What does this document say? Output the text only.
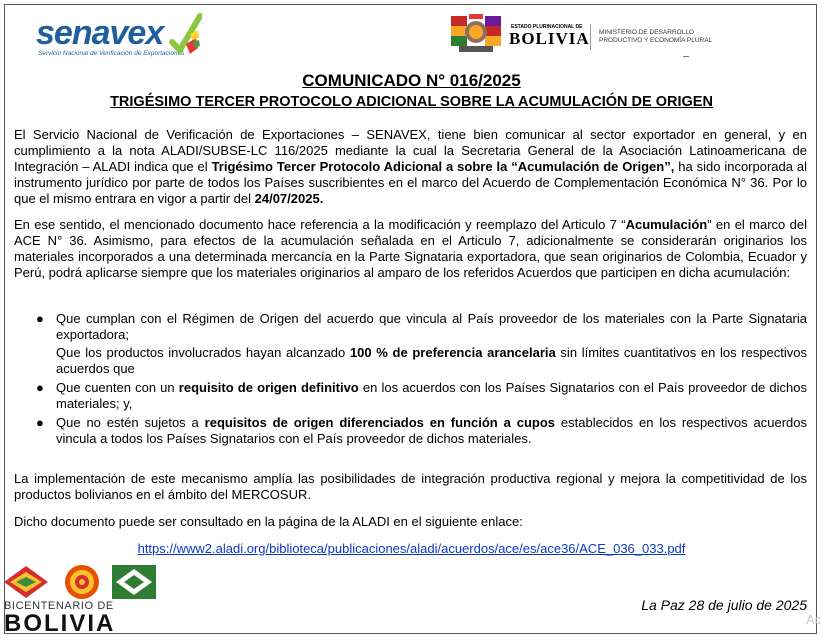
senavex
Servicio Nacional de Verificación de Exportaciones
ESTADO PLURINACIONAL DE
BOLIVIA MINISTERIO DE DESARROLLO
PRODUCTIVO Y ECONOMÍA PLURAL
COMUNICADO N° 016/2025
TRIGÉSIMO TERCER PROTOCOLO ADICIONAL SOBRE LA ACUMULACIÓN DE ORIGEN
El Servicio Nacional de Verificación de Exportaciones – SENAVEX, tiene bien comunicar al sector exportador en general, y en cumplimiento a la nota ALADI/SUBSE-LC 116/2025 mediante la cual la Secretaria General de la Asociación Latinoamericana de Integración – ALADI indica que el Trigésimo Tercer Protocolo Adicional a sobre la “Acumulación de Origen”, ha sido incorporada al instrumento jurídico por parte de todos los Países suscribientes en el marco del Acuerdo de Complementación Económica N° 36. Por lo que el mismo entrara en vigor a partir del 24/07/2025.
En ese sentido, el mencionado documento hace referencia a la modificación y reemplazo del Articulo 7 “Acumulación” en el marco del ACE N° 36. Asimismo, para efectos de la acumulación señalada en el Articulo 7, adicionalmente se considerarán originarios los materiales incorporados a una determinada mercancía en la Parte Signataria exportadora, que sean originarios de Colombia, Ecuador y Perú, podrá aplicarse siempre que los materiales originarios al amparo de los referidos Acuerdos que participen en dicha acumulación:
● Que cumplan con el Régimen de Origen del acuerdo que vincula al País proveedor de los materiales con la Parte Signataria exportadora;
Que los productos involucrados hayan alcanzado 100 % de preferencia arancelaria sin límites cuantitativos en los respectivos acuerdos que
● Que cuenten con un requisito de origen definitivo en los acuerdos con los Países Signatarios con el País proveedor de dichos materiales; y,
● Que no estén sujetos a requisitos de origen diferenciados en función a cupos establecidos en los respectivos acuerdos vincula a todos los Países Signatarios con el País proveedor de dichos materiales.
La implementación de este mecanismo amplía las posibilidades de integración productiva regional y mejora la competitividad de los productos bolivianos en el ámbito del MERCOSUR.
Dicho documento puede ser consultado en la página de la ALADI en el siguiente enlace:
https://www2.aladi.org/biblioteca/publicaciones/aladi/acuerdos/ace/es/ace36/ACE_036_033.pdf
BICENTENARIO DE
BOLIVIA
La Paz 28 de julio de 2025
Ac
